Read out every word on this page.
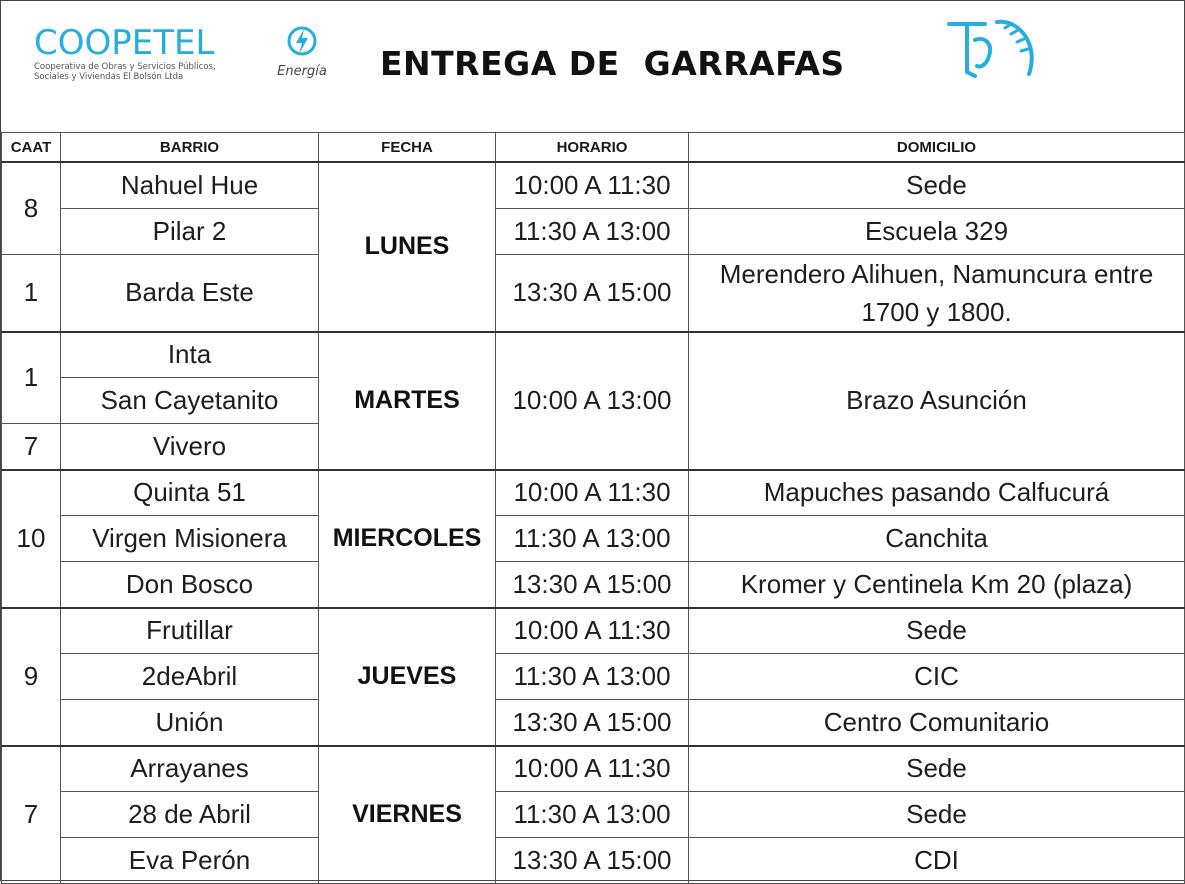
COOPETEL
Cooperativa de Obras y Servicios Públicos, Sociales y Viviendas El Bolsón Ltda	Energía ENTREGA DE  GARRAFAS
CAAT	BARRIO	FECHA	HORARIO	DOMICILIO
8	Nahuel Hue	LUNES	10:00 A 11:30	Sede
	Pilar 2		11:30 A 13:00	Escuela 329
1	Barda Este		13:30 A 15:00	Merendero Alihuen, Namuncura entre 1700 y 1800.
1	Inta	MARTES	10:00 A 13:00	Brazo Asunción
	San Cayetanito			
7	Vivero			
10	Quinta 51	MIERCOLES	10:00 A 11:30	Mapuches pasando Calfucurá
	Virgen Misionera		11:30 A 13:00	Canchita
	Don Bosco		13:30 A 15:00	Kromer y Centinela Km 20 (plaza)
9	Frutillar	JUEVES	10:00 A 11:30	Sede
	2deAbril		11:30 A 13:00	CIC
	Unión		13:30 A 15:00	Centro Comunitario
7	Arrayanes	VIERNES	10:00 A 11:30	Sede
	28 de Abril		11:30 A 13:00	Sede
	Eva Perón		13:30 A 15:00	CDI
